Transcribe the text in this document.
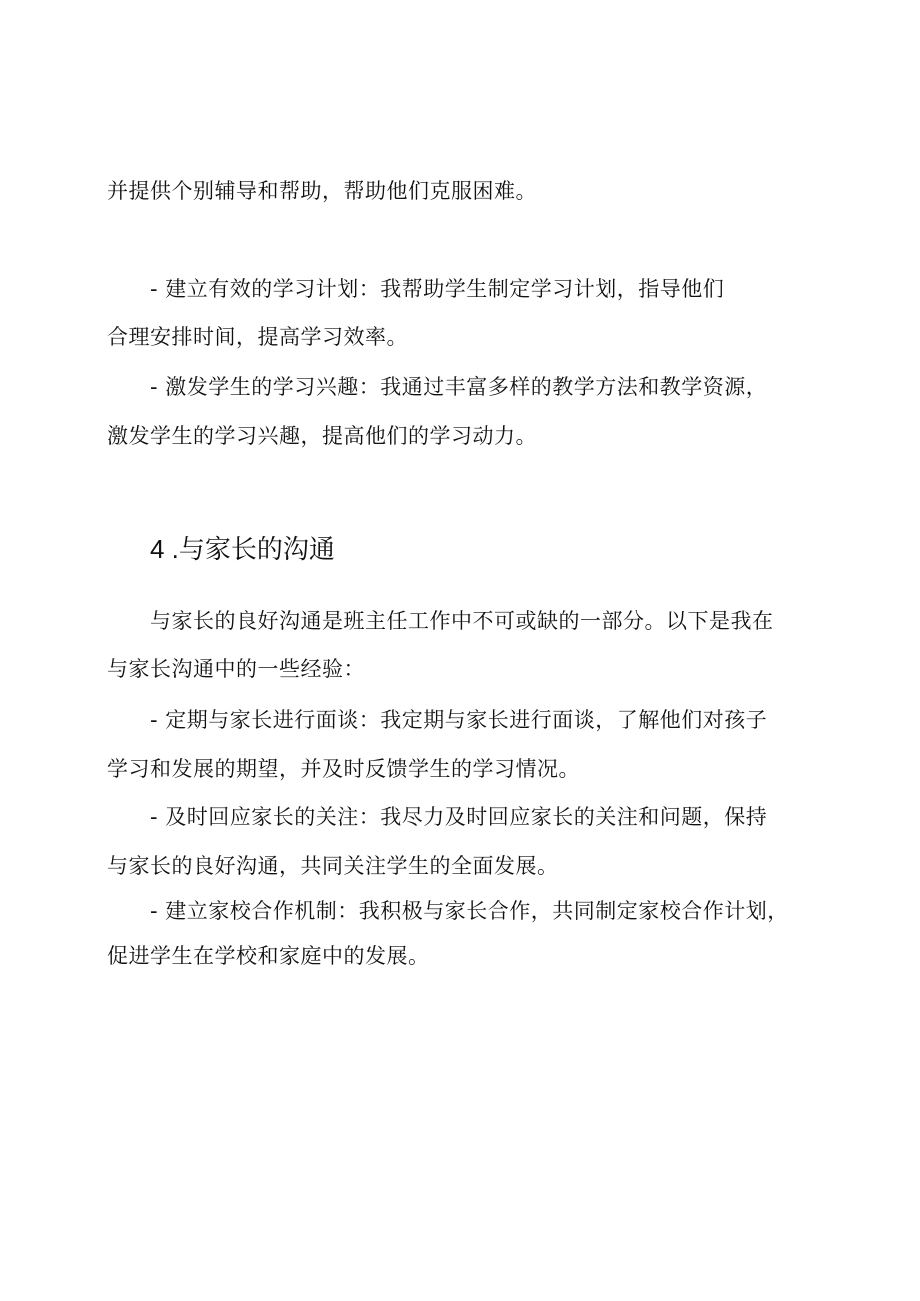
并提供个别辅导和帮助，帮助他们克服困难。
- 建立有效的学习计划：我帮助学生制定学习计划，指导他们
合理安排时间，提高学习效率。
- 激发学生的学习兴趣：我通过丰富多样的教学方法和教学资源，
激发学生的学习兴趣，提高他们的学习动力。
4 .与家长的沟通
与家长的良好沟通是班主任工作中不可或缺的一部分。以下是我在
与家长沟通中的一些经验：
- 定期与家长进行面谈：我定期与家长进行面谈，了解他们对孩子
学习和发展的期望，并及时反馈学生的学习情况。
- 及时回应家长的关注：我尽力及时回应家长的关注和问题，保持
与家长的良好沟通，共同关注学生的全面发展。
- 建立家校合作机制：我积极与家长合作，共同制定家校合作计划，
促进学生在学校和家庭中的发展。
